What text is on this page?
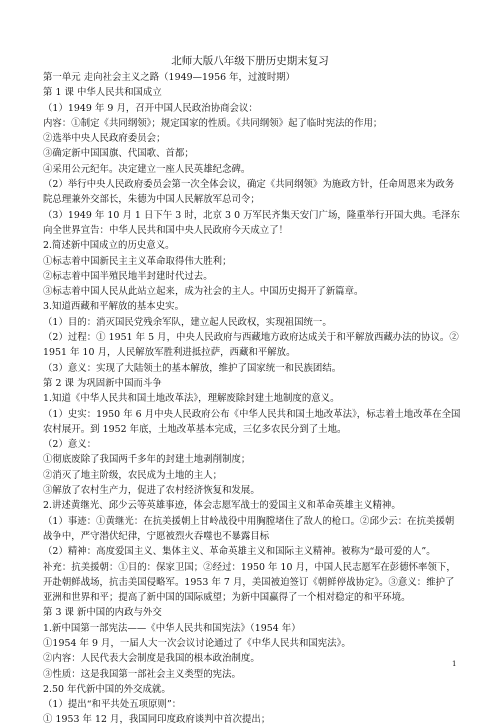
北师大版八年级下册历史期末复习

第一单元 走向社会主义之路（1949—1956 年，过渡时期）

第 1 课 中华人民共和国成立

（1）1949 年 9 月，召开中国人民政治协商会议：

内容：①制定《共同纲领》；规定国家的性质。《共同纲领》起了临时宪法的作用；

②选举中央人民政府委员会；

③确定新中国国旗、代国歌、首都；

④采用公元纪年。决定建立一座人民英雄纪念碑。

（2）举行中央人民政府委员会第一次全体会议，确定《共同纲领》为施政方针，任命周恩来为政务院总理兼外交部长，朱德为中国人民解放军总司令；

（3）1949 年 10 月 1 日下午 3 时，北京 3 0 万军民齐集天安门广场，隆重举行开国大典。毛泽东向全世界宣告：中华人民共和国中央人民政府今天成立了！

2.简述新中国成立的历史意义。

①标志着中国新民主主义革命取得伟大胜利；

②标志着中国半殖民地半封建时代过去。

③标志着中国人民从此站立起来，成为社会的主人。中国历史揭开了新篇章。

3.知道西藏和平解放的基本史实。

（1）目的：消灭国民党残余军队，建立起人民政权，实现祖国统一。

（2）过程：① 1951 年 5 月，中央人民政府与西藏地方政府达成关于和平解放西藏办法的协议。②1951 年 10 月，人民解放军胜利进抵拉萨，西藏和平解放。

（3）意义：实现了大陆领土的基本解放，维护了国家统一和民族团结。

第 2 课 为巩固新中国而斗争

1.知道《中华人民共和国土地改革法》，理解废除封建土地制度的意义。

（1）史实：1950 年 6 月中央人民政府公布《中华人民共和国土地改革法》，标志着土地改革在全国农村展开。到 1952 年底，土地改革基本完成，三亿多农民分到了土地。

（2）意义：

①彻底废除了我国两千多年的封建土地剥削制度；

②消灭了地主阶级，农民成为土地的主人；

③解放了农村生产力，促进了农村经济恢复和发展。

2.讲述黄继光、邱少云等英雄事迹，体会志愿军战士的爱国主义和革命英雄主义精神。

（1）事迹：①黄继光：在抗美援朝上甘岭战役中用胸膛堵住了敌人的枪口。②邱少云：在抗美援朝战争中，严守潜伏纪律，宁愿被烈火吞噬也不暴露目标

（2）精神：高度爱国主义、集体主义、革命英雄主义和国际主义精神。被称为“最可爱的人”。

补充：抗美援朝：①目的：保家卫国；②经过：1950 年 10 月，中国人民志愿军在彭德怀率领下，开赴朝鲜战场，抗击美国侵略军。1953 年 7 月，美国被迫签订《朝鲜停战协定》。③意义：维护了亚洲和世界和平；提高了新中国的国际威望；为新中国赢得了一个相对稳定的和平环境。

第 3 课 新中国的内政与外交

1.新中国第一部宪法——《中华人民共和国宪法》（1954 年）

①1954 年 9 月，一届人大一次会议讨论通过了《中华人民共和国宪法》。

②内容：人民代表大会制度是我国的根本政治制度。

③性质：这是我国第一部社会主义类型的宪法。

2.50 年代新中国的外交成就。

（1）提出“和平共处五项原则”：

① 1953 年 12 月，我国同印度政府谈判中首次提出；

1
